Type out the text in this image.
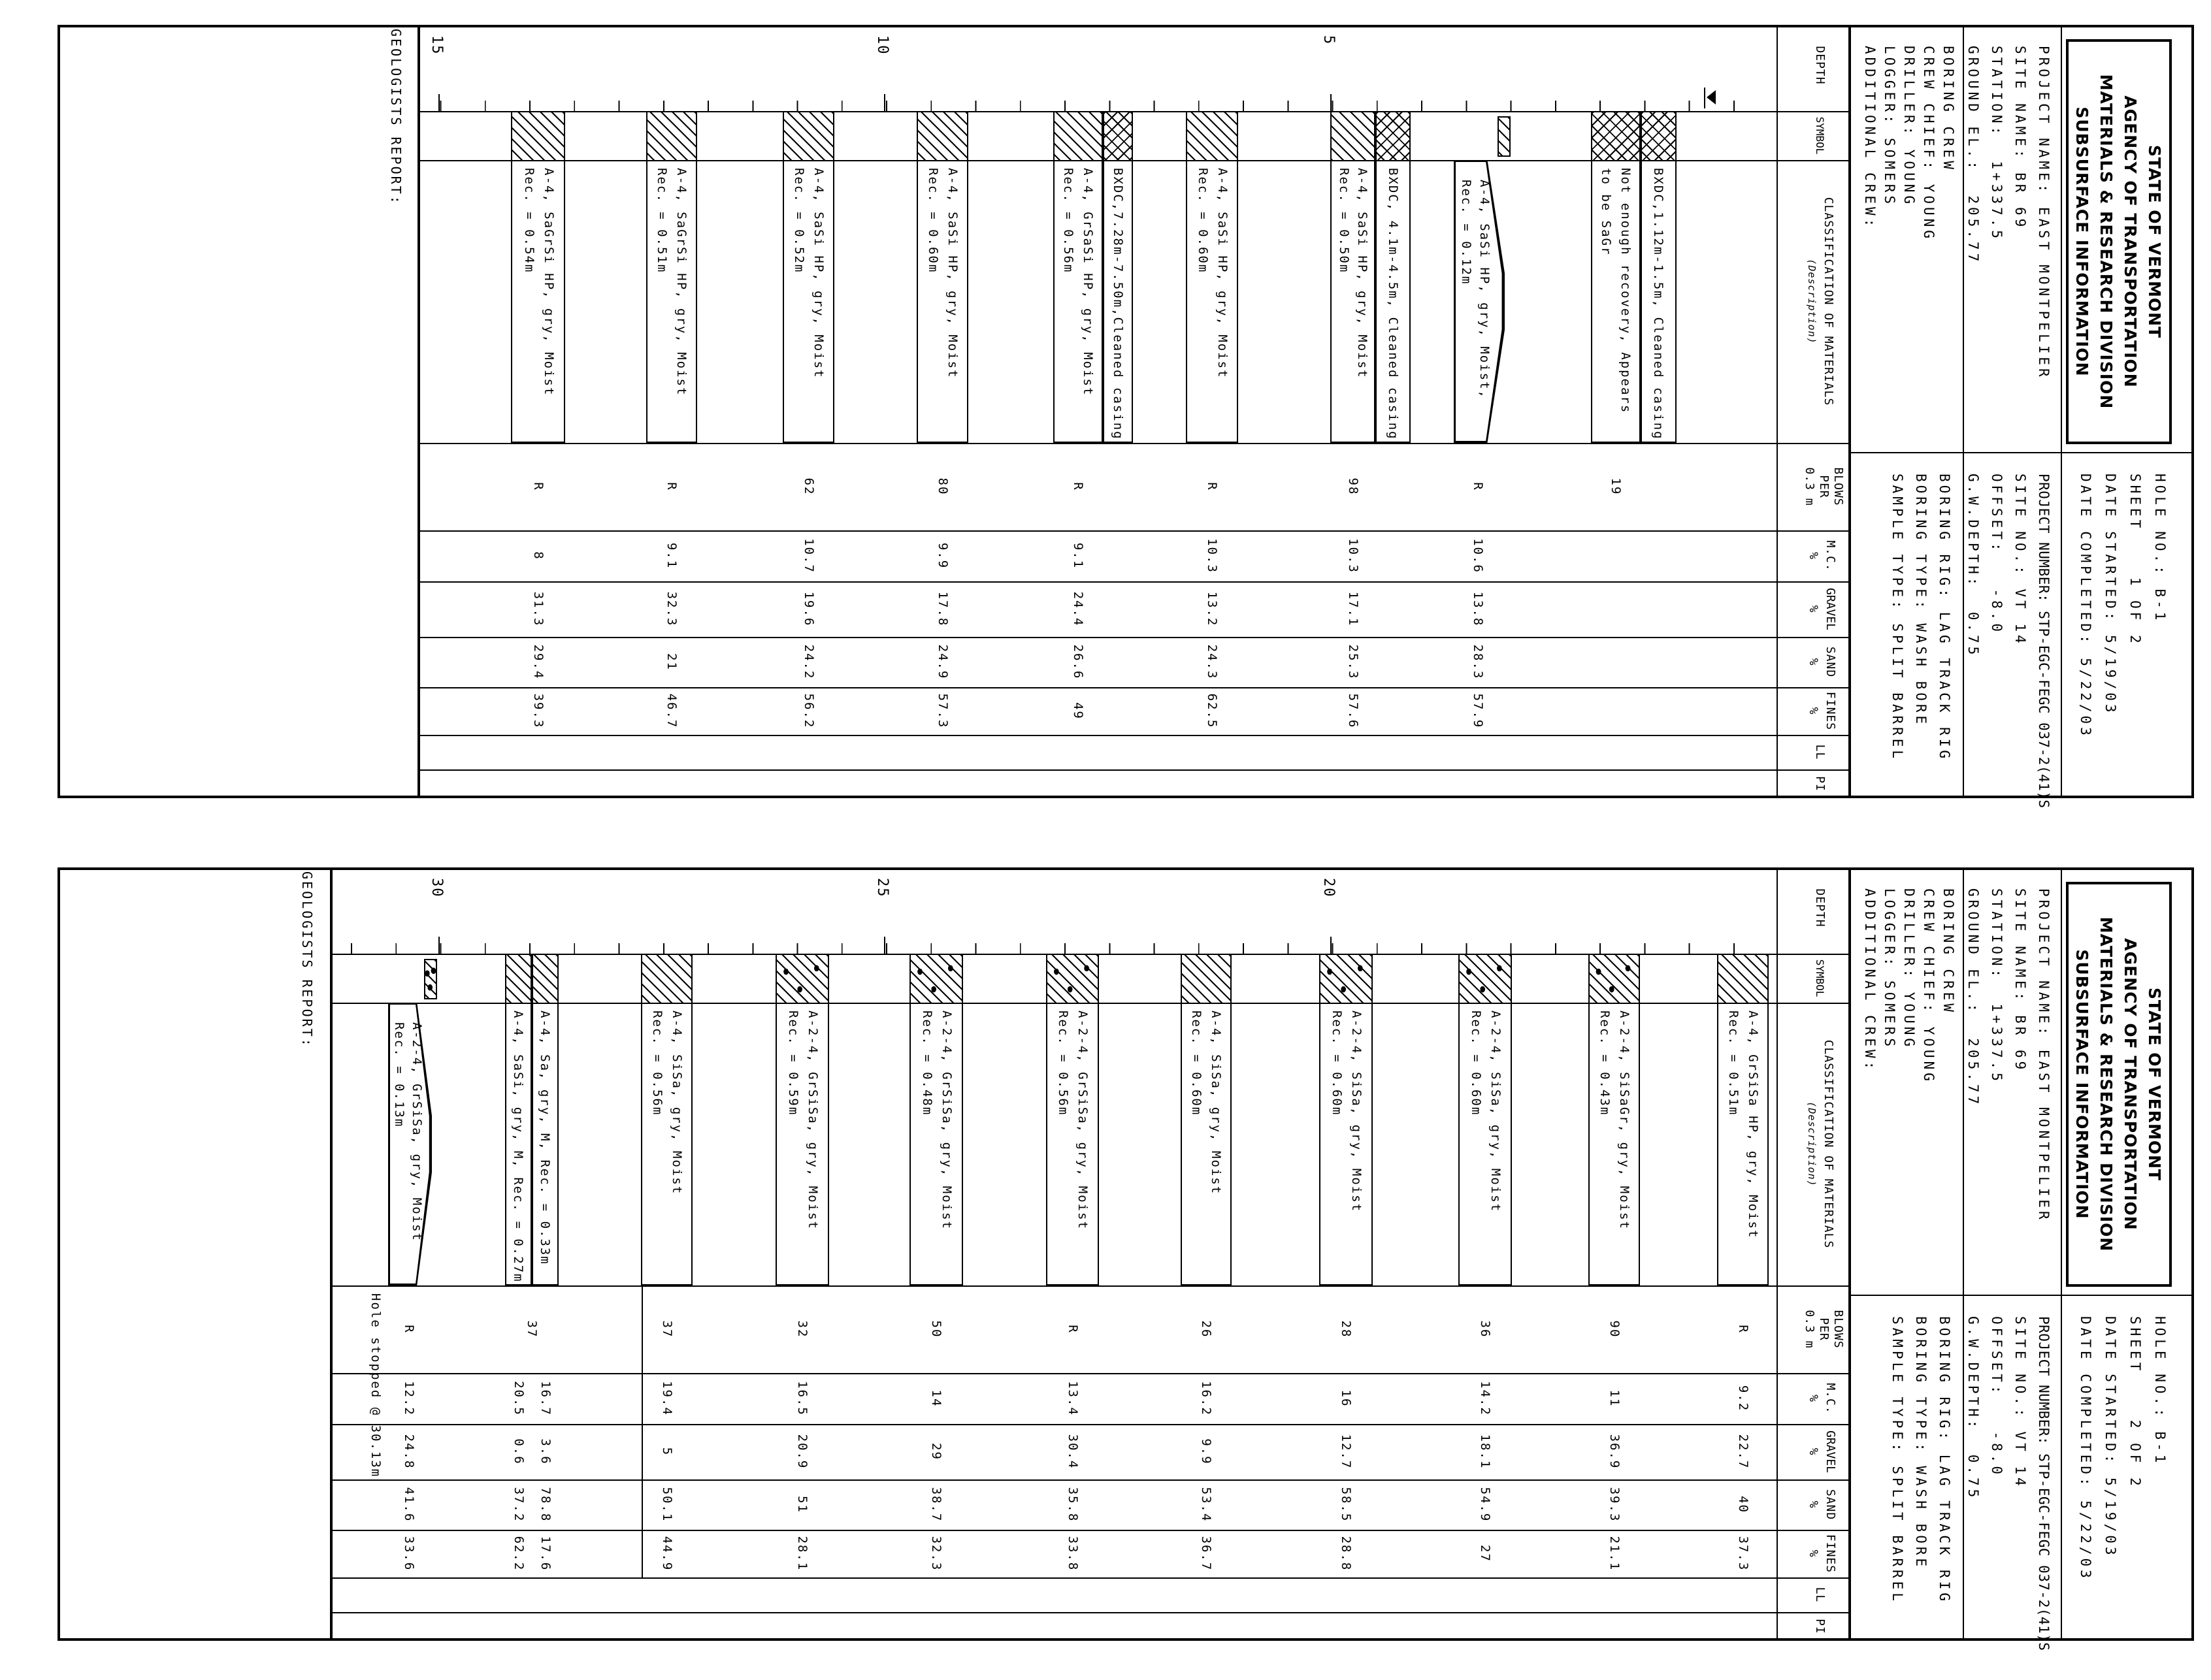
STATE OF VERMONT
AGENCY OF TRANSPORTATION
MATERIALS & RESEARCH DIVISION
SUBSURFACE INFORMATION
HOLE NO.: B-1
SHEET    1 OF 2
DATE STARTED: 5/19/03
DATE COMPLETED: 5/22/03
PROJECT NAME: EAST MONTPELIER
SITE NAME: BR 69
STATION:  1+337.5
GROUND EL.:  205.77
PROJECT NUMBER: STP-EGC-FEGC 037-2(41)S
SITE NO.: VT 14
OFFSET:   -8.0
G.W.DEPTH:  0.75
BORING CREW
CREW CHIEF: YOUNG
DRILLER: YOUNG
LOGGER: SOMERS
ADDITIONAL CREW:
BORING RIG: LAG TRACK RIG
BORING TYPE: WASH BORE
SAMPLE TYPE: SPLIT BARREL
DEPTH
SYMBOL
CLASSIFICATION OF MATERIALS
(Description)
BLOWS
PER
0.3 m
M.C.
%
GRAVEL
%
SAND
%
FINES
%
LL
PI
5
10
15
BXDC,1.12m-1.5m, Cleaned casing
Not enough recovery, Appears
to be SaGr
19
A-4, SaSi HP, gry, Moist,
Rec. = 0.12m
R
10.6
13.8
28.3
57.9
BXDC, 4.1m-4.5m, Cleaned casing
A-4, SaSi HP, gry, Moist
Rec. = 0.50m
98
10.3
17.1
25.3
57.6
A-4, SaSi HP, gry, Moist
Rec. = 0.60m
R
10.3
13.2
24.3
62.5
BXDC,7.28m-7.50m,Cleaned casing
A-4, GrSaSi HP, gry, Moist
Rec. = 0.56m
R
9.1
24.4
26.6
49
A-4, SaSi HP, gry, Moist
Rec. = 0.60m
80
9.9
17.8
24.9
57.3
A-4, SaSi HP, gry, Moist
Rec. = 0.52m
62
10.7
19.6
24.2
56.2
A-4, SaGrSi HP, gry, Moist
Rec. = 0.51m
R
9.1
32.3
21
46.7
A-4, SaGrSi HP, gry, Moist
Rec. = 0.54m
R
8
31.3
29.4
39.3
GEOLOGISTS REPORT:
STATE OF VERMONT
AGENCY OF TRANSPORTATION
MATERIALS & RESEARCH DIVISION
SUBSURFACE INFORMATION
HOLE NO.: B-1
SHEET    2 OF 2
DATE STARTED: 5/19/03
DATE COMPLETED: 5/22/03
PROJECT NAME: EAST MONTPELIER
SITE NAME: BR 69
STATION:  1+337.5
GROUND EL.:  205.77
PROJECT NUMBER: STP-EGC-FEGC 037-2(41)S
SITE NO.: VT 14
OFFSET:   -8.0
G.W.DEPTH:  0.75
BORING CREW
CREW CHIEF: YOUNG
DRILLER: YOUNG
LOGGER: SOMERS
ADDITIONAL CREW:
BORING RIG: LAG TRACK RIG
BORING TYPE: WASH BORE
SAMPLE TYPE: SPLIT BARREL
DEPTH
SYMBOL
CLASSIFICATION OF MATERIALS
(Description)
BLOWS
PER
0.3 m
M.C.
%
GRAVEL
%
SAND
%
FINES
%
LL
PI
20
25
30
A-4, GrSiSa HP, gry, Moist
Rec. = 0.51m
R
9.2
22.7
40
37.3
A-2-4, SiSaGr, gry, Moist
Rec. = 0.43m
90
11
36.9
39.3
21.1
A-2-4, SiSa, gry, Moist
Rec. = 0.60m
36
14.2
18.1
54.9
27
A-2-4, SiSa, gry, Moist
Rec. = 0.60m
28
16
12.7
58.5
28.8
A-4, SiSa, gry, Moist
Rec. = 0.60m
26
16.2
9.9
53.4
36.7
A-2-4, GrSiSa, gry, Moist
Rec. = 0.56m
R
13.4
30.4
35.8
33.8
A-2-4, GrSiSa, gry, Moist
Rec. = 0.48m
50
14
29
38.7
32.3
A-2-4, GrSiSa, gry, Moist
Rec. = 0.59m
32
16.5
20.9
51
28.1
A-4, SiSa, gry, Moist
Rec. = 0.56m
37
19.4
5
50.1
44.9
A-4, Sa, gry, M, Rec. = 0.33m
37
16.7
3.6
78.8
17.6
A-4, SaSi, gry, M, Rec. = 0.27m
20.5
0.6
37.2
62.2
A-2-4, GrSiSa, gry, Moist
Rec. = 0.13m
R
12.2
24.8
41.6
33.6
Hole stopped @ 30.13m
GEOLOGISTS REPORT:
